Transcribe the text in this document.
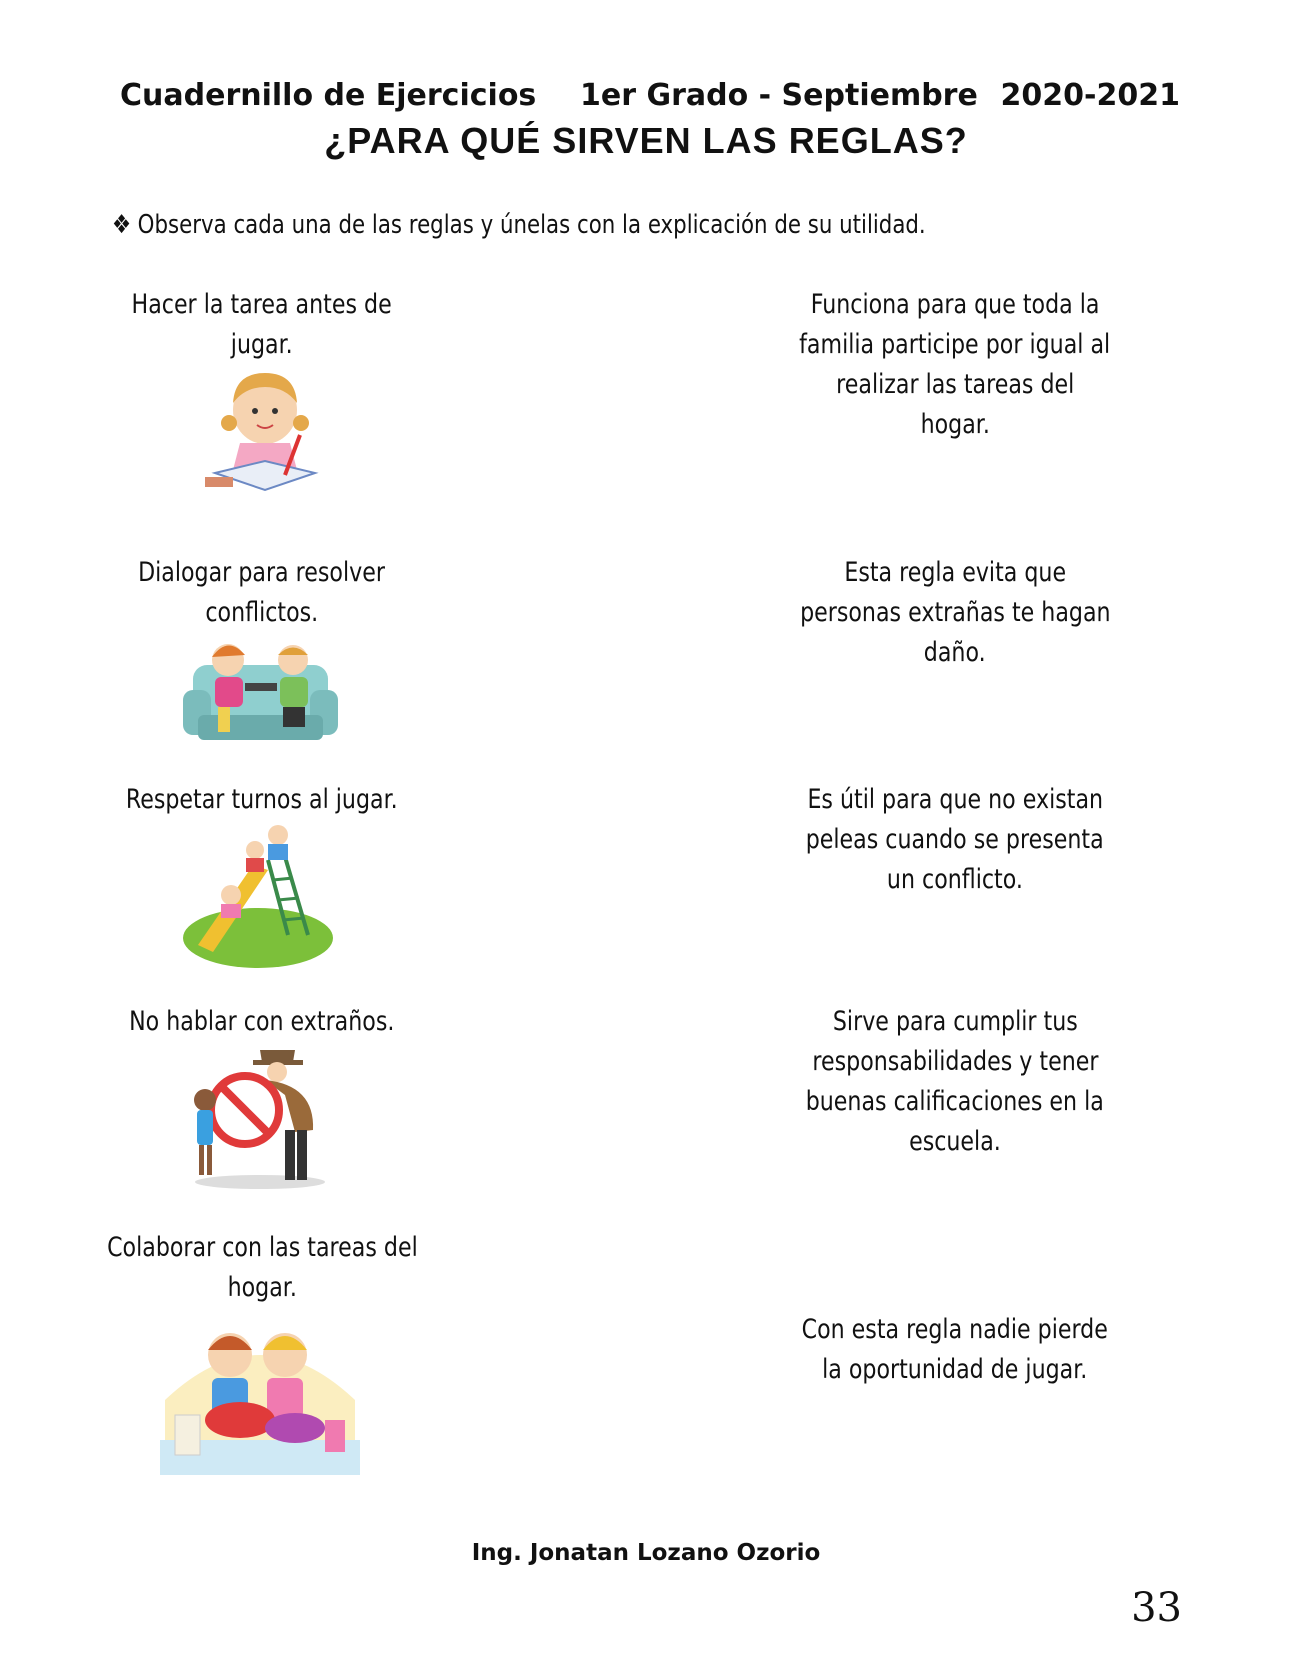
Cuadernillo de Ejercicios 1er Grado - Septiembre 2020-2021
¿PARA QUÉ SIRVEN LAS REGLAS?
❖ Observa cada una de las reglas y únelas con la explicación de su utilidad.
Hacer la tarea antes de
jugar.
Dialogar para resolver
conflictos.
Respetar turnos al jugar.
No hablar con extraños.
Colaborar con las tareas del
hogar.
Funciona para que toda la
familia participe por igual al
realizar las tareas del
hogar.
Esta regla evita que
personas extrañas te hagan
daño.
Es útil para que no existan
peleas cuando se presenta
un conflicto.
Sirve para cumplir tus
responsabilidades y tener
buenas calificaciones en la
escuela.
Con esta regla nadie pierde
la oportunidad de jugar.
Ing. Jonatan Lozano Ozorio
33
